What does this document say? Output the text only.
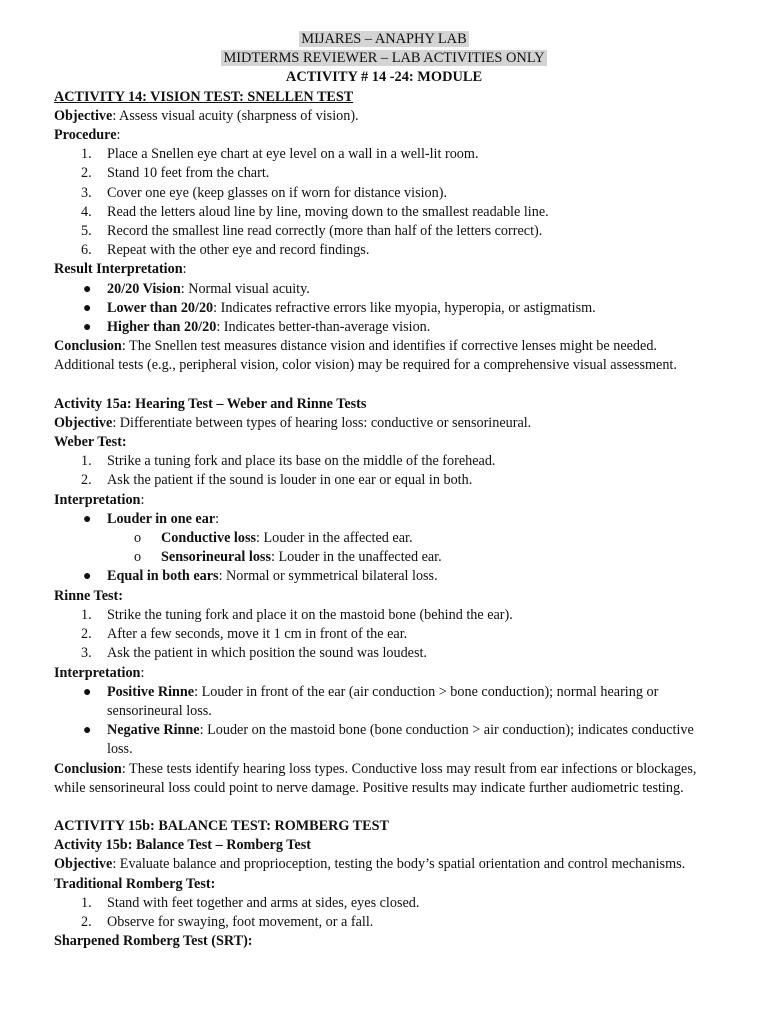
MIJARES – ANAPHY LAB
MIDTERMS REVIEWER – LAB ACTIVITIES ONLY
ACTIVITY # 14 -24: MODULE

ACTIVITY 14: VISION TEST: SNELLEN TEST

Objective: Assess visual acuity (sharpness of vision).

Procedure:

1. Place a Snellen eye chart at eye level on a wall in a well-lit room.
2. Stand 10 feet from the chart.
3. Cover one eye (keep glasses on if worn for distance vision).
4. Read the letters aloud line by line, moving down to the smallest readable line.
5. Record the smallest line read correctly (more than half of the letters correct).
6. Repeat with the other eye and record findings.

Result Interpretation:

● 20/20 Vision: Normal visual acuity.
● Lower than 20/20: Indicates refractive errors like myopia, hyperopia, or astigmatism.
● Higher than 20/20: Indicates better-than-average vision.

Conclusion: The Snellen test measures distance vision and identifies if corrective lenses might be needed. Additional tests (e.g., peripheral vision, color vision) may be required for a comprehensive visual assessment.

Activity 15a: Hearing Test – Weber and Rinne Tests

Objective: Differentiate between types of hearing loss: conductive or sensorineural.

Weber Test:

1. Strike a tuning fork and place its base on the middle of the forehead.
2. Ask the patient if the sound is louder in one ear or equal in both.

Interpretation:

● Louder in one ear:
o Conductive loss: Louder in the affected ear.
o Sensorineural loss: Louder in the unaffected ear.
● Equal in both ears: Normal or symmetrical bilateral loss.

Rinne Test:

1. Strike the tuning fork and place it on the mastoid bone (behind the ear).
2. After a few seconds, move it 1 cm in front of the ear.
3. Ask the patient in which position the sound was loudest.

Interpretation:

● Positive Rinne: Louder in front of the ear (air conduction > bone conduction); normal hearing or sensorineural loss.
● Negative Rinne: Louder on the mastoid bone (bone conduction > air conduction); indicates conductive loss.

Conclusion: These tests identify hearing loss types. Conductive loss may result from ear infections or blockages, while sensorineural loss could point to nerve damage. Positive results may indicate further audiometric testing.

ACTIVITY 15b: BALANCE TEST: ROMBERG TEST

Activity 15b: Balance Test – Romberg Test

Objective: Evaluate balance and proprioception, testing the body’s spatial orientation and control mechanisms.

Traditional Romberg Test:

1. Stand with feet together and arms at sides, eyes closed.
2. Observe for swaying, foot movement, or a fall.

Sharpened Romberg Test (SRT):
